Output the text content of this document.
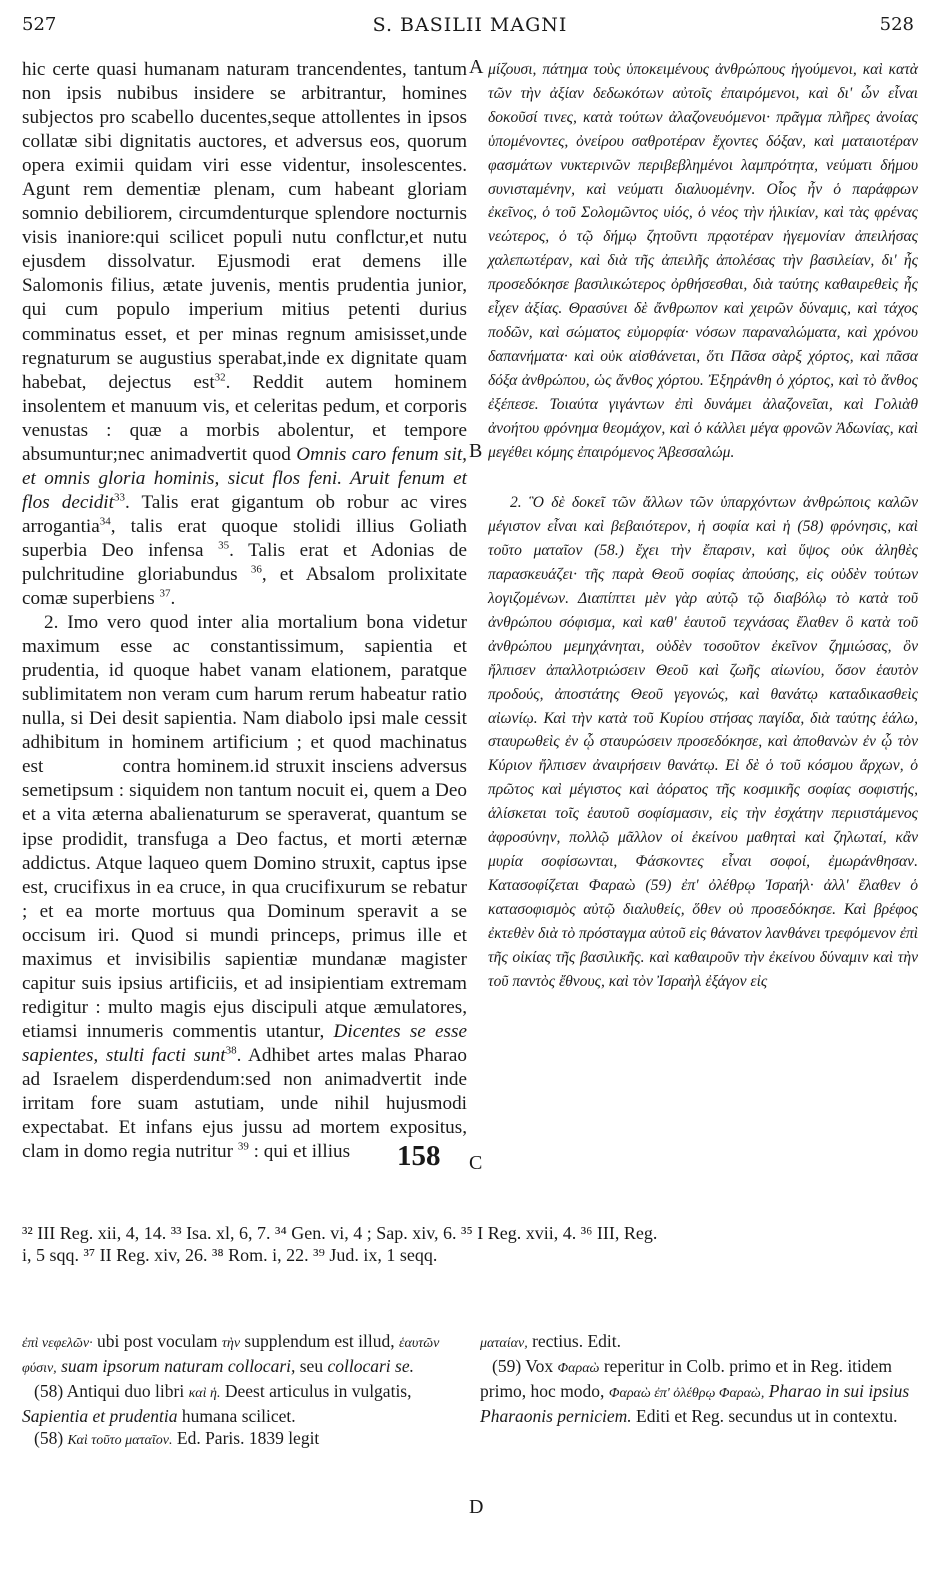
527	S. BASILII MAGNI	528

hic certe quasi humanam naturam trancendentes, tantum non ipsis nubibus insidere se arbitrantur, homines subjectos pro scabello ducentes,seque attollentes in ipsos collatæ sibi dignitatis auctores, et adversus eos, quorum opera eximii quidam viri esse videntur, insolescentes. Agunt rem dementiæ plenam, cum habeant gloriam somnio debiliorem, circumdenturque splendore nocturnis visis inaniore:qui scilicet populi nutu conflctur,et nutu ejusdem dissolvatur. Ejusmodi erat demens ille Salomonis filius, ætate juvenis, mentis prudentia junior, qui cum populo imperium mitius petenti durius comminatus esset, et per minas regnum amisisset,unde regnaturum se augustius sperabat,inde ex dignitate quam habebat, dejectus est$^{32}$. Reddit autem hominem insolentem et manuum vis, et celeritas pedum, et corporis venustas : quæ a morbis abolentur, et tempore absumuntur;nec animadvertit quod Omnis caro fenum sit, et omnis gloria hominis, sicut flos feni. Aruit fenum et flos decidit$^{33}$. Talis erat gigantum ob robur ac vires arrogantia$^{34}$, talis erat quoque stolidi illius Goliath superbia Deo infensa $^{35}$. Talis erat et Adonias de pulchritudine gloriabundus $^{36}$, et Absalom prolixitate comæ superbiens $^{37}$.

2. Imo vero quod inter alia mortalium bona videtur maximum esse ac constantissimum, sapientia et prudentia, id quoque habet vanam elationem, paratque sublimitatem non veram cum harum rerum habeatur ratio nulla, si Dei desit sapientia. Nam diabolo ipsi male cessit adhibitum in hominem artificium ; et quod machinatus est	contra hominem.id struxit insciens adversus semetipsum : siquidem non tantum nocuit ei, quem a Deo et a vita æterna abalienaturum se speraverat, quantum se ipse prodidit, transfuga a Deo factus, et morti æternæ addictus. Atque laqueo quem Domino struxit, captus ipse est, crucifixus in ea cruce, in qua crucifixurum se rebatur ; et ea morte mortuus qua Dominum speravit a se occisum iri. Quod si mundi princeps, primus ille et maximus et invisibilis sapientiæ mundanæ magister capitur suis ipsius artificiis, et ad insipientiam extremam redigitur : multo magis ejus discipuli atque æmulatores, etiamsi innumeris commentis utantur, Dicentes se esse sapientes, stulti facti sunt$^{38}$. Adhibet artes malas Pharao ad Israelem disperdendum:sed non animadvertit inde irritam fore suam astutiam, unde nihil hujusmodi expectabat. Et infans ejus jussu ad mortem expositus, clam in domo regia nutritur $^{39}$ : qui et illius	158
A
B
C
D

μίζουσι, πάτημα τοὺς ὑποκειμένους ἀνθρώπους ἡγούμενοι, καὶ κατὰ τῶν τὴν ἀξίαν δεδωκότων αὐτοῖς ἐπαιρόμενοι, καὶ δι' ὧν εἶναι δοκοῦσί τινες, κατὰ τούτων ἀλαζονευόμενοι· πρᾶγμα πλῆρες ἀνοίας ὑπομένοντες, ὀνείρου σαθροτέραν ἔχοντες δόξαν, καὶ ματαιοτέραν φασμάτων νυκτερινῶν περιβεβλημένοι λαμπρότητα, νεύματι δήμου συνισταμένην, καὶ νεύματι διαλυομένην. Οἷος ἦν ὁ παράφρων ἐκεῖνος, ὁ τοῦ Σολομῶντος υἱός, ὁ νέος τὴν ἡλικίαν, καὶ τὰς φρένας νεώτερος, ὁ τῷ δήμῳ ζητοῦντι πρᾳοτέραν ἡγεμονίαν ἀπειλήσας χαλεπωτέραν, καὶ διὰ τῆς ἀπειλῆς ἀπολέσας τὴν βασιλείαν, δι' ἧς προσεδόκησε βασιλικώτερος ὀρθήσεσθαι, διὰ ταύτης καθαιρεθεὶς ἧς εἶχεν ἀξίας. Θρασύνει δὲ ἄνθρωπον καὶ χειρῶν δύναμις, καὶ τάχος ποδῶν, καὶ σώματος εὐμορφία· νόσων παραναλώματα, καὶ χρόνου δαπανήματα· καὶ οὐκ αἰσθάνεται, ὅτι Πᾶσα σὰρξ χόρτος, καὶ πᾶσα δόξα ἀνθρώπου, ὡς ἄνθος χόρτου. Ἐξηράνθη ὁ χόρτος, καὶ τὸ ἄνθος ἐξέπεσε. Τοιαύτα γιγάντων ἐπὶ δυνάμει ἀλαζονεῖαι, καὶ Γολιὰθ ἀνοήτου φρόνημα θεομάχον, καὶ ὁ κάλλει μέγα φρονῶν Ἀδωνίας, καὶ μεγέθει κόμης ἐπαιρόμενος Ἀβεσσαλώμ.

2. Ὃ δὲ δοκεῖ τῶν ἄλλων τῶν ὑπαρχόντων ἀνθρώποις καλῶν μέγιστον εἶναι καὶ βεβαιότερον, ἡ σοφία καὶ ἡ (58) φρόνησις, καὶ τοῦτο ματαῖον (58.) ἔχει τὴν ἔπαρσιν, καὶ ὕψος οὐκ ἀληθὲς παρασκευάζει· τῆς παρὰ Θεοῦ σοφίας ἀπούσης, εἰς οὐδὲν τούτων λογιζομένων. Διαπίπτει μὲν γὰρ αὐτῷ τῷ διαβόλῳ τὸ κατὰ τοῦ ἀνθρώπου σόφισμα, καὶ καθ' ἑαυτοῦ τεχνάσας ἔλαθεν ὃ κατὰ τοῦ ἀνθρώπου μεμηχάνηται, οὐδὲν τοσοῦτον ἐκεῖνον ζημιώσας, ὃν ἤλπισεν ἀπαλλοτριώσειν Θεοῦ καὶ ζωῆς αἰωνίου, ὅσον ἑαυτὸν προδούς, ἀποστάτης Θεοῦ γεγονώς, καὶ θανάτῳ καταδικασθεὶς αἰωνίῳ. Καὶ τὴν κατὰ τοῦ Κυρίου στήσας παγίδα, διὰ ταύτης ἑάλω, σταυρωθεὶς ἐν ᾧ σταυρώσειν προσεδόκησε, καὶ ἀποθανὼν ἐν ᾧ τὸν Κύριον ἤλπισεν ἀναιρήσειν θανάτῳ. Εἰ δὲ ὁ τοῦ κόσμου ἄρχων, ὁ πρῶτος καὶ μέγιστος καὶ ἀόρατος τῆς κοσμικῆς σοφίας σοφιστής, ἁλίσκεται τοῖς ἑαυτοῦ σοφίσμασιν, εἰς τὴν ἐσχάτην περιιστάμενος ἀφροσύνην, πολλῷ μᾶλλον οἱ ἐκείνου μαθηταὶ καὶ ζηλωταί, κἂν μυρία σοφίσωνται, Φάσκοντες εἶναι σοφοί, ἐμωράνθησαν. Κατασοφίζεται Φαραὼ (59) ἐπ' ὀλέθρῳ Ἰσραήλ· ἀλλ' ἔλαθεν ὁ κατασοφισμὸς αὐτῷ διαλυθείς, ὅθεν οὐ προσεδόκησε. Καὶ βρέφος ἐκτεθὲν διὰ τὸ πρόσταγμα αὐτοῦ εἰς θάνατον λανθάνει τρεφόμενον ἐπὶ τῆς οἰκίας τῆς βασιλικῆς. καὶ καθαιροῦν τὴν ἐκείνου δύναμιν καὶ τὴν τοῦ παντὸς ἔθνους, καὶ τὸν Ἰσραὴλ ἐξάγον εἰς

³² III Reg. xii, 4, 14. ³³ Isa. xl, 6, 7. ³⁴ Gen. vi, 4 ; Sap. xiv, 6. ³⁵ I Reg. xvii, 4. ³⁶ III, Reg.
i, 5 sqq. ³⁷ II Reg. xiv, 26. ³⁸ Rom. i, 22. ³⁹ Jud. ix, 1 seqq.

ἐπὶ νεφελῶν· ubi post voculam τὴν supplendum est illud, ἑαυτῶν φύσιν, suam ipsorum naturam collocari, seu collocari se.

(58) Antiqui duo libri καὶ ἡ. Deest articulus in vulgatis, Sapientia et prudentia humana scilicet.

(58) Καὶ τοῦτο ματαῖον. Ed. Paris. 1839 legit

ματαίαν, rectius. Edit.

(59) Vox Φαραὼ reperitur in Colb. primo et in Reg. itidem primo, hoc modo, Φαραὼ ἐπ' ὀλέθρῳ Φαραὼ, Pharao in sui ipsius Pharaonis perniciem. Editi et Reg. secundus ut in contextu.
